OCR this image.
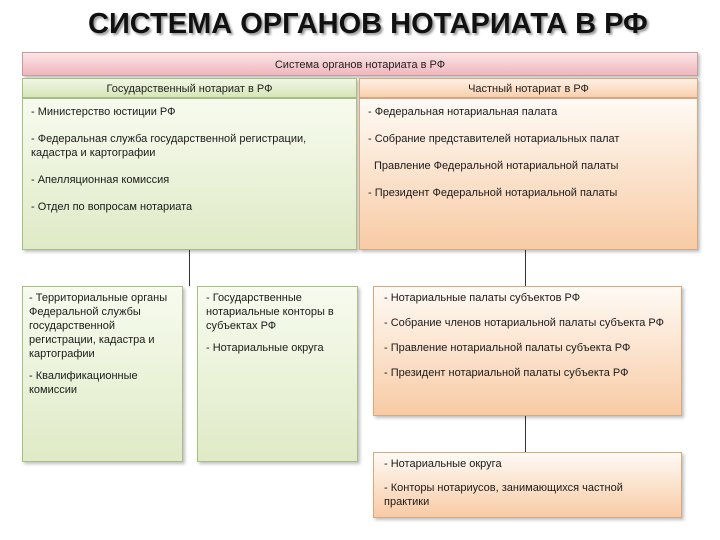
СИСТЕМА ОРГАНОВ НОТАРИАТА В РФ
Система органов нотариата в РФ
Государственный нотариат в РФ	Частный нотариат в РФ
- Министерство юстиции РФ
- Федеральная служба государственной регистрации, кадастра и картографии
- Апелляционная комиссия
- Отдел по вопросам нотариата
- Федеральная нотариальная палата
- Собрание представителей нотариальных палат
Правление Федеральной нотариальной палаты
- Президент Федеральной нотариальной палаты
- Территориальные органы Федеральной службы государственной регистрации, кадастра и картографии
- Квалификационные комиссии
- Государственные нотариальные конторы в субъектах РФ
- Нотариальные округа
- Нотариальные палаты субъектов РФ
- Собрание членов нотариальной палаты субъекта РФ
- Правление нотариальной палаты субъекта РФ
- Президент нотариальной палаты субъекта РФ
- Нотариальные округа
- Конторы нотариусов, занимающихся частной практики
